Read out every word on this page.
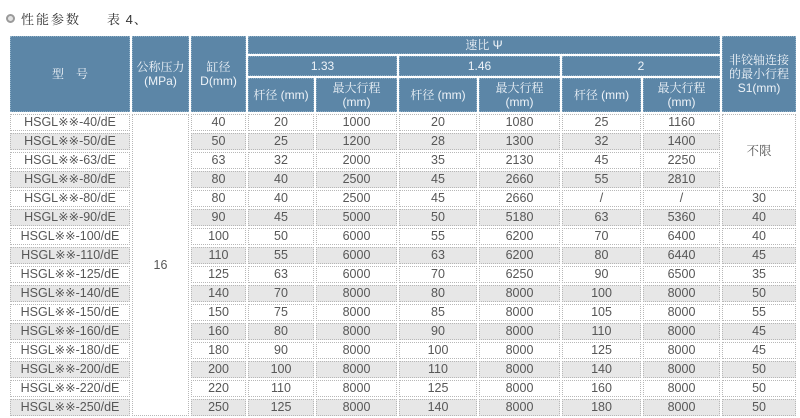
性能参数 表 4、
型　号	公称压力
(MPa)

缸径
D(mm)
	速比 Ψ	
非铰轴连接
的最小行程
S1(mm)

			1.33		1.46		2		
			杆径 (mm)	最大行程 (mm)	杆径 (mm)	最大行程 (mm)	杆径 (mm)	最大行程 (mm)	
HSGL※※-40/dE	16	40	20	1000	20	1080	25	1160	不限
HSGL※※-50/dE		50	25	1200	28	1300	32	1400	
HSGL※※-63/dE		63	32	2000	35	2130	45	2250	
HSGL※※-80/dE		80	40	2500	45	2660	55	2810	
HSGL※※-80/dE		80	40	2500	45	2660	/	/	30
HSGL※※-90/dE		90	45	5000	50	5180	63	5360	40
HSGL※※-100/dE		100	50	6000	55	6200	70	6400	40
HSGL※※-110/dE		110	55	6000	63	6200	80	6440	45
HSGL※※-125/dE		125	63	6000	70	6250	90	6500	35
HSGL※※-140/dE		140	70	8000	80	8000	100	8000	50
HSGL※※-150/dE		150	75	8000	85	8000	105	8000	55
HSGL※※-160/dE		160	80	8000	90	8000	110	8000	45
HSGL※※-180/dE		180	90	8000	100	8000	125	8000	45
HSGL※※-200/dE		200	100	8000	110	8000	140	8000	50
HSGL※※-220/dE		220	110	8000	125	8000	160	8000	50
HSGL※※-250/dE		250	125	8000	140	8000	180	8000	50
